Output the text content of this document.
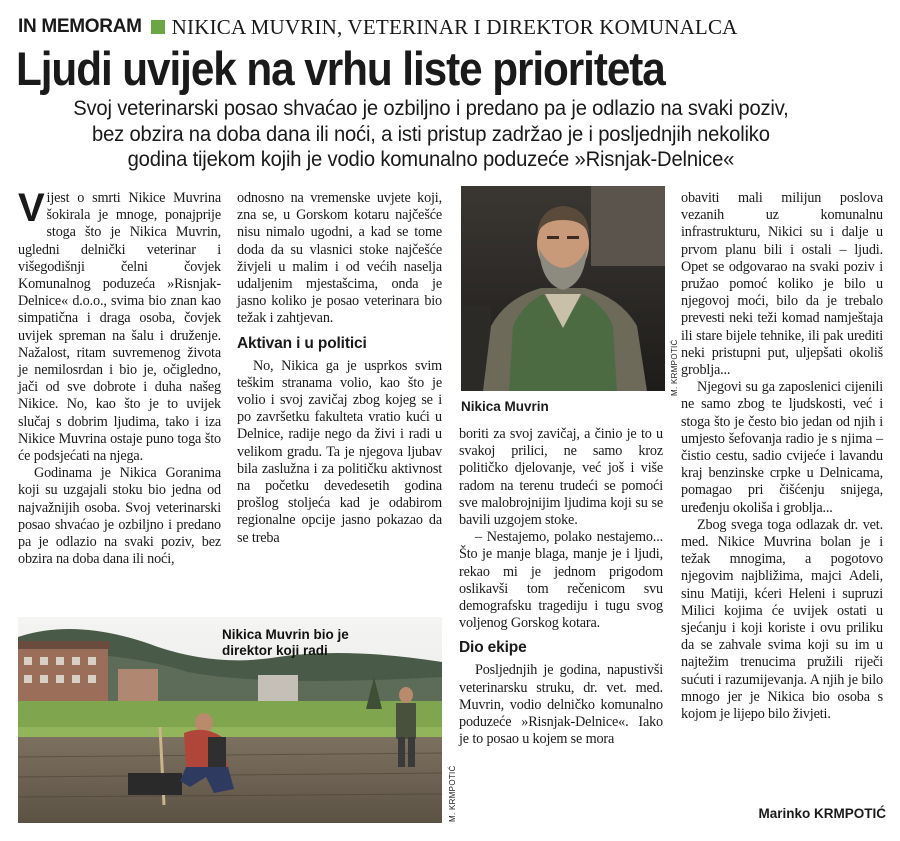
IN MEMORAM NIKICA MUVRIN, VETERINAR I DIREKTOR KOMUNALCA
Ljudi uvijek na vrhu liste prioriteta
Svoj veterinarski posao shvaćao je ozbiljno i predano pa je odlazio na svaki poziv,
bez obzira na doba dana ili noći, a isti pristup zadržao je i posljednjih nekoliko
godina tijekom kojih je vodio komunalno poduzeće »Risnjak-Delnice«

Vijest o smrti Nikice Muvrina šokirala je mnoge, ponajprije stoga što je Nikica Muvrin, ugledni delnički veterinar i višegodišnji čelni čovjek Komunalnog poduzeća »Risnjak-Delnice« d.o.o., svima bio znan kao simpatična i draga osoba, čovjek uvijek spreman na šalu i druženje. Nažalost, ritam suvremenog života je nemilosrdan i bio je, očigledno, jači od sve dobrote i duha našeg Nikice. No, kao što je to uvijek slučaj s dobrim ljudima, tako i iza Nikice Muvrina ostaje puno toga što će podsjećati na njega.

Godinama je Nikica Goranima koji su uzgajali stoku bio jedna od najvažnijih osoba. Svoj veterinarski posao shvaćao je ozbiljno i predano pa je odlazio na svaki poziv, bez obzira na doba dana ili noći,

odnosno na vremenske uvjete koji, zna se, u Gorskom kotaru najčešće nisu nimalo ugodni, a kad se tome doda da su vlasnici stoke najčešće živjeli u malim i od većih naselja udaljenim mjestašcima, onda je jasno koliko je posao veterinara bio težak i zahtjevan.

Aktivan i u politici

No, Nikica ga je usprkos svim teškim stranama volio, kao što je volio i svoj zavičaj zbog kojeg se i po završetku fakulteta vratio kući u Delnice, radije nego da živi i radi u velikom gradu. Ta je njegova ljubav bila zaslužna i za političku aktivnost na početku devedesetih godina prošlog stoljeća kad je odabirom regionalne opcije jasno pokazao da se treba

boriti za svoj zavičaj, a činio je to u svakoj prilici, ne samo kroz političko djelovanje, već još i više radom na terenu trudeći se pomoći sve malobrojnijim ljudima koji su se bavili uzgojem stoke.

– Nestajemo, polako nestajemo... Što je manje blaga, manje je i ljudi, rekao mi je jednom prigodom oslikavši tom rečenicom svu demografsku tragediju i tugu svog voljenog Gorskog kotara.

Dio ekipe

Posljednjih je godina, napustivši veterinarsku struku, dr. vet. med. Muvrin, vodio delničko komunalno poduzeće »Risnjak-Delnice«. Iako je to posao u kojem se mora

obaviti mali milijun poslova vezanih uz komunalnu infrastrukturu, Nikici su i dalje u prvom planu bili i ostali – ljudi. Opet se odgovarao na svaki poziv i pružao pomoć koliko je bilo u njegovoj moći, bilo da je trebalo prevesti neki teži komad namještaja ili stare bijele tehnike, ili pak urediti neki pristupni put, uljepšati okoliš groblja...

Njegovi su ga zaposlenici cijenili ne samo zbog te ljudskosti, već i stoga što je često bio jedan od njih i umjesto šefovanja radio je s njima – čistio cestu, sadio cvijeće i lavandu kraj benzinske crpke u Delnicama, pomagao pri čišćenju snijega, uređenju okoliša i groblja...

Zbog svega toga odlazak dr. vet. med. Nikice Muvrina bolan je i težak mnogima, a pogotovo njegovim najbližima, majci Adeli, sinu Matiji, kćeri Heleni i supruzi Milici kojima će uvijek ostati u sjećanju i koji koriste i ovu priliku da se zahvale svima koji su im u najtežim trenucima pružili riječi sućuti i razumijevanja. A njih je bilo mnogo jer je Nikica bio osoba s kojom je lijepo bilo živjeti.

Marinko KRMPOTIĆ
M. KRMPOTIĆ
Nikica Muvrin
Nikica Muvrin bio je
direktor koji radi
M. KRMPOTIĆ
